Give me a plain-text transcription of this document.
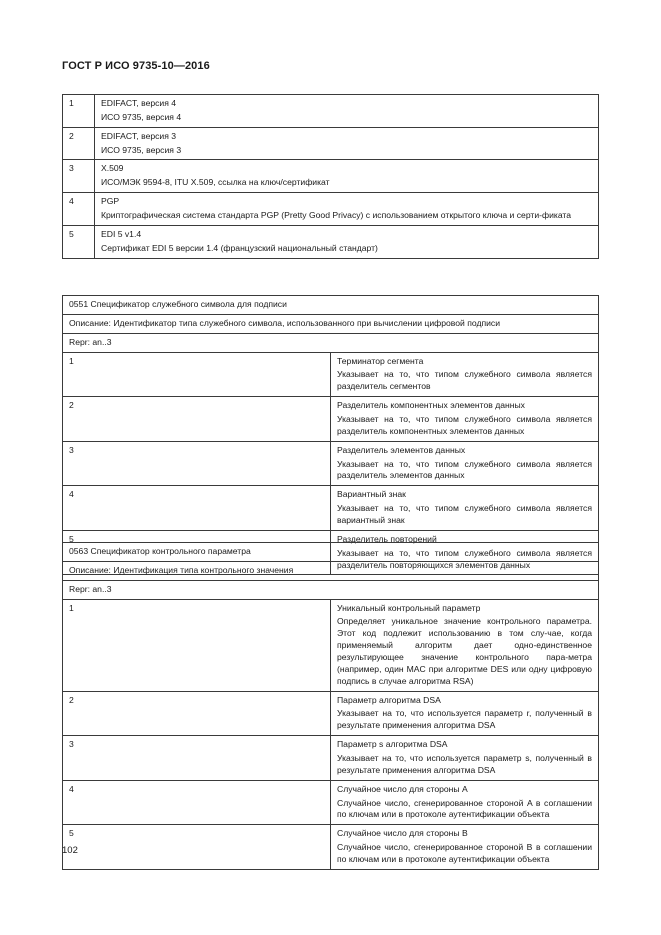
ГОСТ Р ИСО 9735-10—2016
1	EDIFACT, версия 4
ИСО 9735, версия 4

2	EDIFACT, версия 3
ИСО 9735, версия 3

3	X.509
ИСО/МЭК 9594-8, ITU X.509, ссылка на ключ/сертификат

4	PGP
Криптографическая система стандарта PGP (Pretty Good Privacy) с использованием открытого ключа и серти-фиката

5	EDI 5 v1.4
Сертификат EDI 5 версии 1.4 (французский национальный стандарт)
0551 Спецификатор служебного символа для подписи	
Описание: Идентификатор типа служебного символа, использованного при вычислении цифровой подписи	
Repr: an..3	
1	Терминатор сегмента
Указывает на то, что типом служебного символа является разделитель сегментов

2	Разделитель компонентных элементов данных
Указывает на то, что типом служебного символа является разделитель компонентных элементов данных

3	Разделитель элементов данных
Указывает на то, что типом служебного символа является разделитель элементов данных

4	Вариантный знак
Указывает на то, что типом служебного символа является вариантный знак

5	Разделитель повторений
Указывает на то, что типом служебного символа является разделитель повторяющихся элементов данных
0563 Спецификатор контрольного параметра	
Описание: Идентификация типа контрольного значения	
Repr: an..3	
1	Уникальный контрольный параметр
Определяет уникальное значение контрольного параметра. Этот код подлежит использованию в том слу-чае, когда применяемый алгоритм дает одно-единственное результирующее значение контрольного пара-метра (например, один MAC при алгоритме DES или одну цифровую подпись в случае алгоритма RSA)

2	Параметр алгоритма DSA
Указывает на то, что используется параметр r, полученный в результате применения алгоритма DSA

3	Параметр s алгоритма DSA
Указывает на то, что используется параметр s, полученный в результате применения алгоритма DSA

4	Случайное число для стороны A
Случайное число, сгенерированное стороной A в соглашении по ключам или в протоколе аутентификации объекта

5	Случайное число для стороны B
Случайное число, сгенерированное стороной B в соглашении по ключам или в протоколе аутентификации объекта
102
